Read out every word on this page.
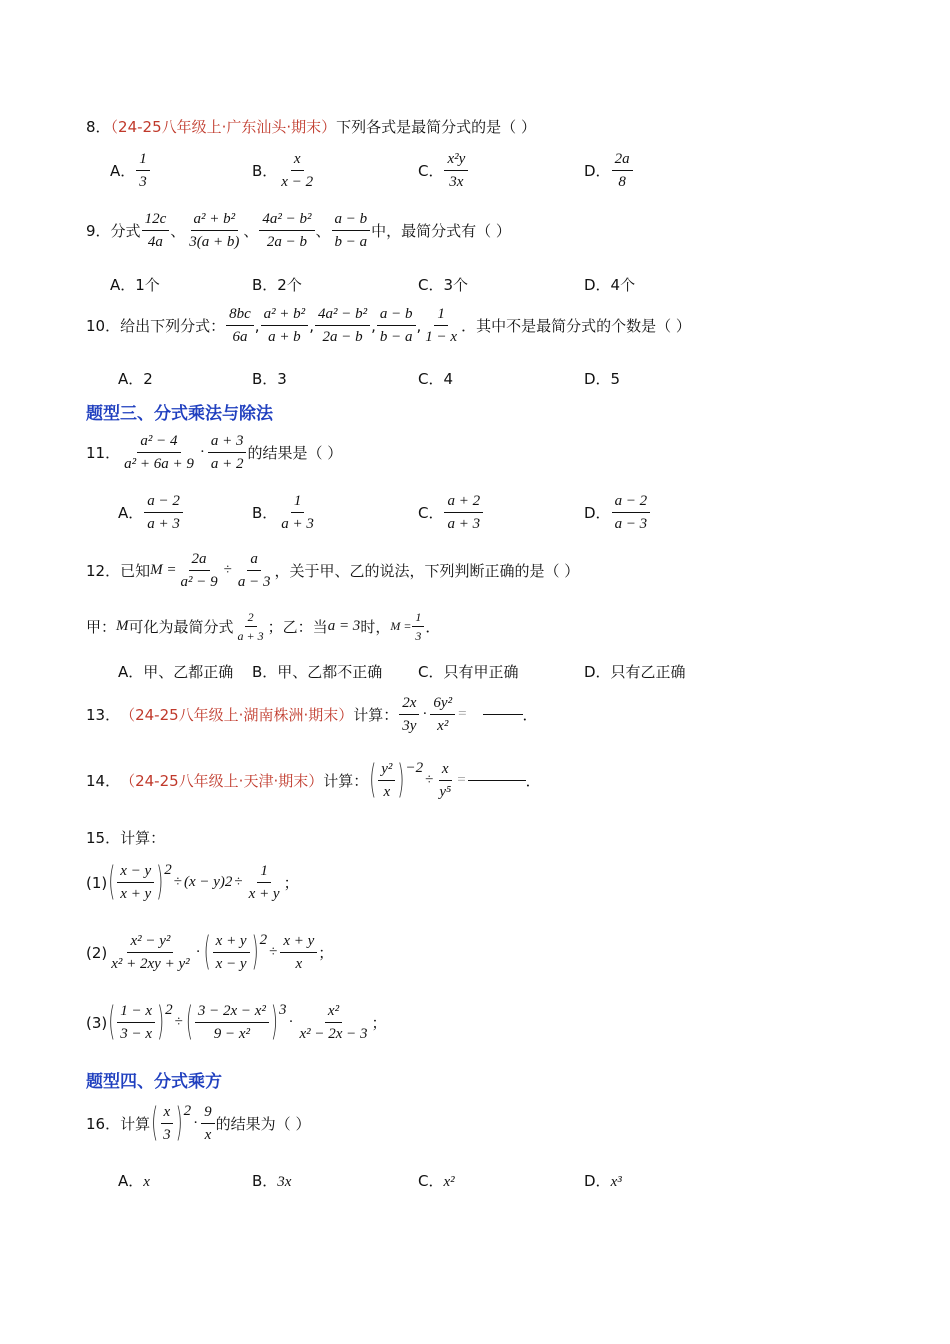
8．（24-25八年级上·广东汕头·期末）下列各式是最简分式的是（ ）
A． $\frac{1}{3}$	B． $\frac{x}{x - 2}$	C． $\frac{\text{x²y}}{3x}$	D． $\frac{2a}{8}$
9． 分式 $\frac{12c}{4a}$ 、 $\frac{\text{a² + b²}}{3(a + b)}$ 、 $\frac{\text{4a² − b²}}{2a - b}$ 、 $\frac{a - b}{b - a}$ 中，最简分式有（ ）
A．1个	B．2个	C．3个	D．4个
10． 给出下列分式： $\frac{8bc}{6a}$ , $\frac{\text{a² + b²}}{a + b}$ , $\frac{\text{4a² − b²}}{2a - b}$ , $\frac{a - b}{b - a}$ , $\frac{1}{1 - x}$ ．其中不是最简分式的个数是（ ）
A．2	B．3	C．4	D．5
题型三、分式乘法与除法
11． $\frac{\text{a² − 4}}{\text{a² + 6a + 9}} \cdot \frac{a + 3}{a + 2}$ 的结果是（ ）
A． $\frac{a - 2}{a + 3}$	B． $\frac{1}{a + 3}$	C． $\frac{a + 2}{a + 3}$	D． $\frac{a - 2}{a - 3}$
12． 已知 $M = \frac{2a}{\text{a² − 9}} \div \frac{a}{a - 3}$ ，关于甲、乙的说法，下列判断正确的是（ ）
甲： M 可化为最简分式 $\frac{2}{a + 3}$ ； 乙 ：当 a = 3 时， $M = \frac{1}{3}$ ．
A．甲、乙都正确 B．甲、乙都不正确 C．只有甲正确	D．只有乙正确
13． （24-25八年级上·湖南株洲·期末） 计算： $\frac{2x}{3y} \cdot \frac{\text{6y²}}{\text{x²}}$ =	．
14． （24-25八年级上·天津·期末） 计算： ( $\frac{\text{y²}}{x}$ ) −2
÷ $\frac{x}{\text{y⁵}}$ =	．
15．计算：
(1) ( $\frac{x - y}{x + y}$ ) 2
÷ (x − y) $2 \div \frac{1}{x + y}$ ；
$(2) \frac{\text{x² − y²}}{\text{x² + 2xy + y²}}$ · ( $\frac{x + y}{x - y}$ ) 2
÷ $\frac{x + y}{x}$ ；
(3) ( $\frac{1 - x}{3 - x}$ ) 2
÷ ( $\frac{\text{3 − 2x − x²}}{\text{9 − x²}}$ ) 3
· $\frac{\text{x²}}{\text{x² − 2x − 3}}$ ；
题型四、分式乘方
16． 计算 ( $\frac{x}{3}$ ) 2
· $\frac{9}{x}$ 的结果为（ ）
A．x	B．3x	C．x²	D．x³
